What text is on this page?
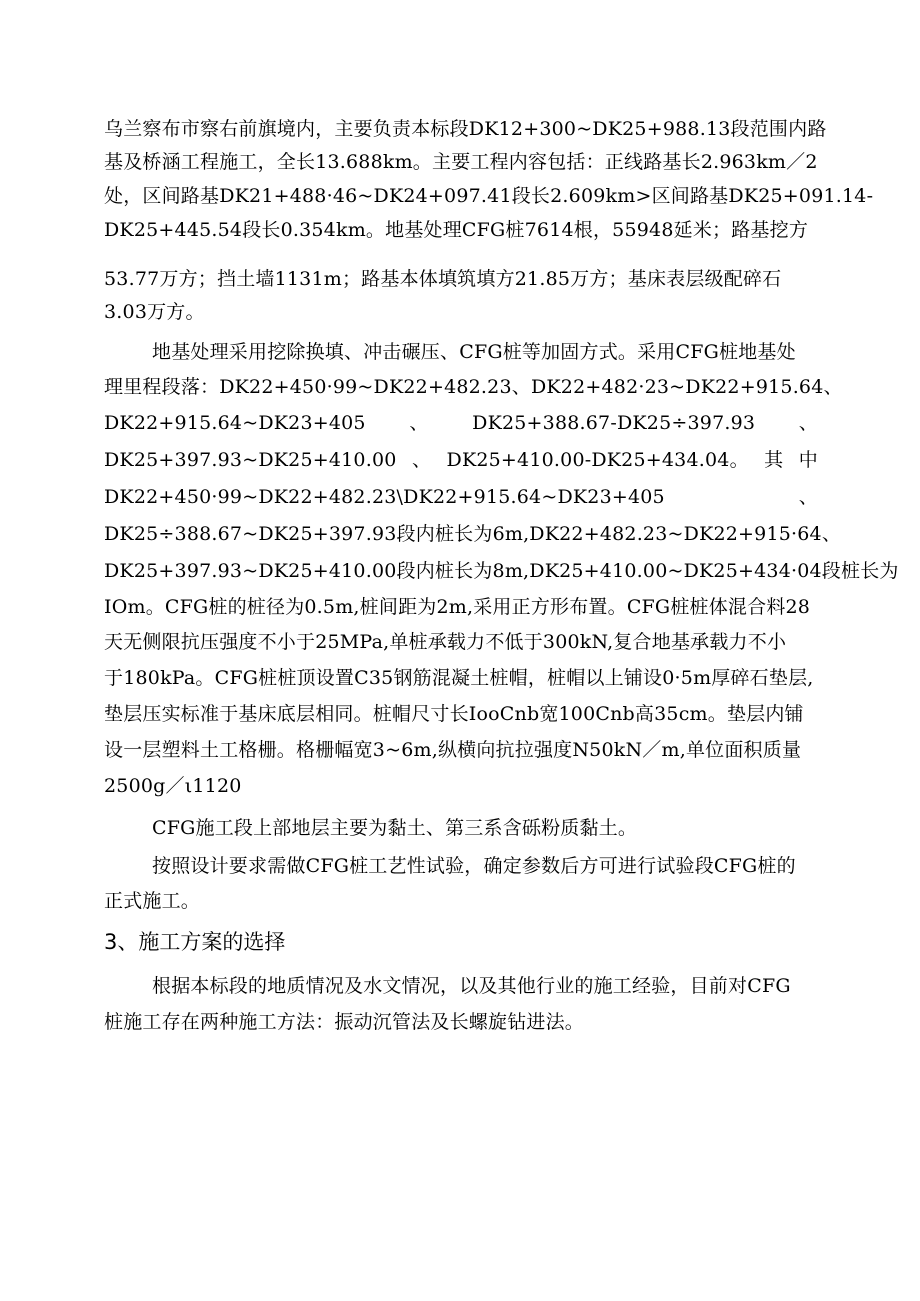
乌兰察布市察右前旗境内，主要负责本标段DK12+300~DK25+988.13段范围内路
基及桥涵工程施工，全长13.688km。主要工程内容包括：正线路基长2.963km／2
处，区间路基DK21+488·46~DK24+097.41段长2.609km>区间路基DK25+091.14-
DK25+445.54段长0.354km。地基处理CFG桩7614根，55948延米；路基挖方
53.77万方；挡土墙1131m；路基本体填筑填方21.85万方；基床表层级配碎石
3.03万方。
地基处理采用挖除换填、冲击碾压、CFG桩等加固方式。采用CFG桩地基处
理 里 程 段 落 ： DK22+450·99~DK22+482.23 、 DK22+482 · 23~DK22+915.64 、
DK22+915.64~DK23+405 、 DK25+388.67-DK25÷397.93 、
DK25+397.93~DK25+410.00 、 DK25+410.00-DK25+434.04。 其 中
DK22+450·99~DK22+482.23\DK22+915.64~DK23+405	、
DK25÷388.67~DK25+397.93 段 内 桩 长 为 6m,DK22+482.23~DK22+915·64 、
DK25+397.93~DK25+410.00段内桩长为8m,DK25+410.00~DK25+434·04段桩长为
IOm。CFG桩的桩径为0.5m,桩间距为2m,采用正方形布置。CFG桩桩体混合料28
天无侧限抗压强度不小于25MPa,单桩承载力不低于300kN,复合地基承载力不小
于180kPa。CFG桩桩顶设置C35钢筋混凝土桩帽，桩帽以上铺设0·5m厚碎石垫层,
垫层压实标准于基床底层相同。桩帽尺寸长IooCnb宽100Cnb高35cm。垫层内铺
设一层塑料土工格栅。格栅幅宽3~6m,纵横向抗拉强度N50kN／m,单位面积质量
2500g／ι1120
CFG施工段上部地层主要为黏土、第三系含砾粉质黏土。
按照设计要求需做CFG桩工艺性试验，确定参数后方可进行试验段CFG桩的
正式施工。
3、施工方案的选择
根据本标段的地质情况及水文情况，以及其他行业的施工经验，目前对CFG
桩施工存在两种施工方法：振动沉管法及长螺旋钻进法。
